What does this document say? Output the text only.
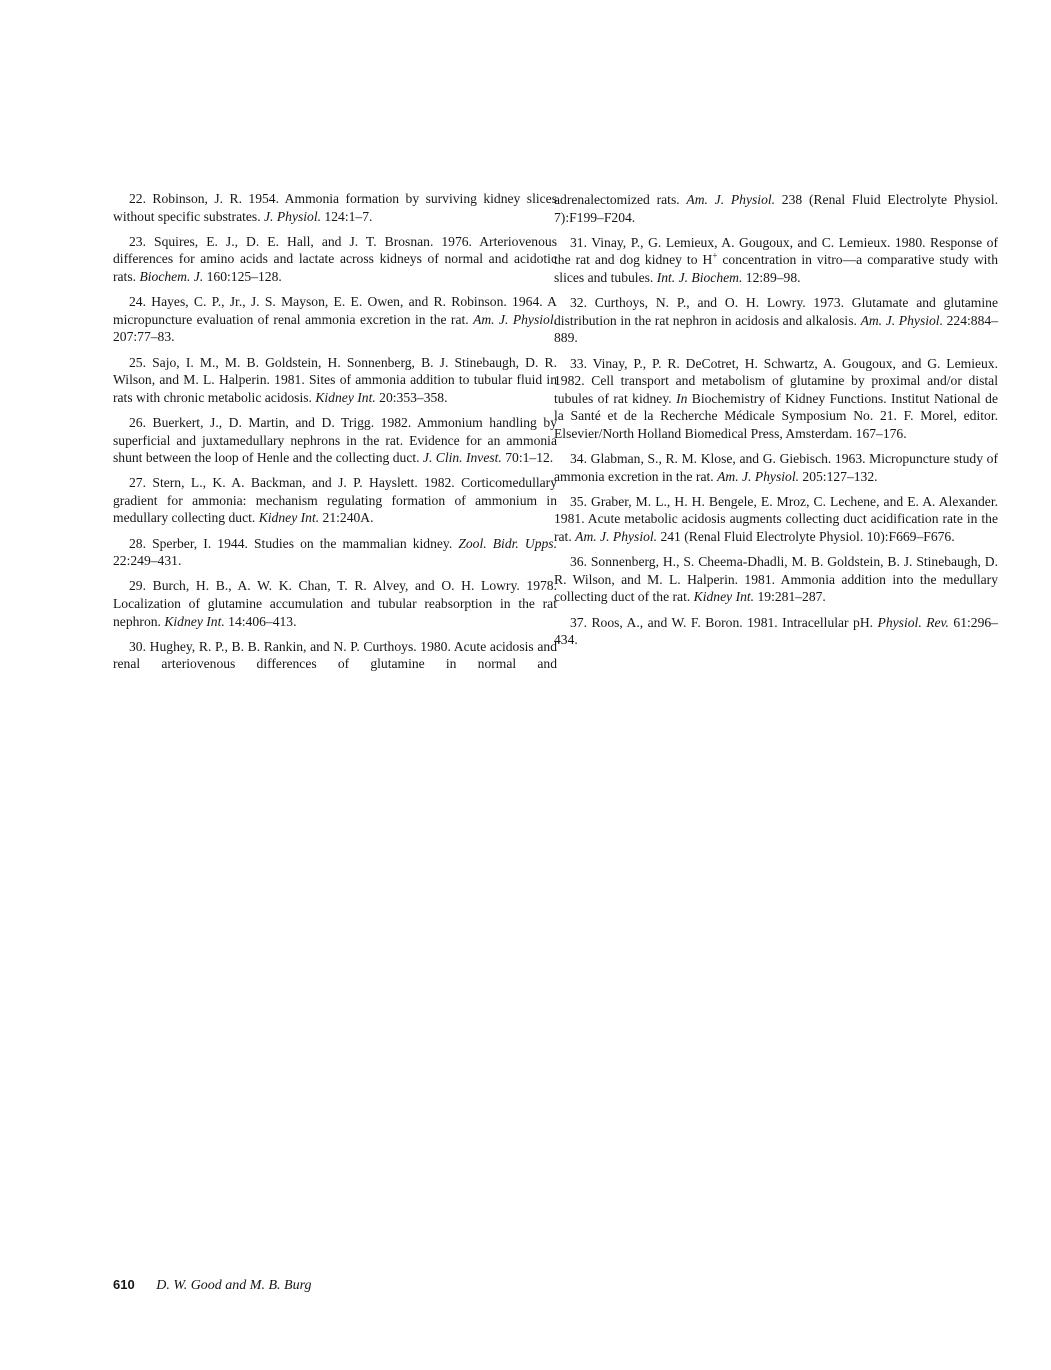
22. Robinson, J. R. 1954. Ammonia formation by surviving kidney slices without specific substrates. J. Physiol. 124:1–7.

23. Squires, E. J., D. E. Hall, and J. T. Brosnan. 1976. Arteriovenous differences for amino acids and lactate across kidneys of normal and acidotic rats. Biochem. J. 160:125–128.

24. Hayes, C. P., Jr., J. S. Mayson, E. E. Owen, and R. Robinson. 1964. A micropuncture evaluation of renal ammonia excretion in the rat. Am. J. Physiol. 207:77–83.

25. Sajo, I. M., M. B. Goldstein, H. Sonnenberg, B. J. Stinebaugh, D. R. Wilson, and M. L. Halperin. 1981. Sites of ammonia addition to tubular fluid in rats with chronic metabolic acidosis. Kidney Int. 20:353–358.

26. Buerkert, J., D. Martin, and D. Trigg. 1982. Ammonium handling by superficial and juxtamedullary nephrons in the rat. Evidence for an ammonia shunt between the loop of Henle and the collecting duct. J. Clin. Invest. 70:1–12.

27. Stern, L., K. A. Backman, and J. P. Hayslett. 1982. Corticomedullary gradient for ammonia: mechanism regulating formation of ammonium in medullary collecting duct. Kidney Int. 21:240A.

28. Sperber, I. 1944. Studies on the mammalian kidney. Zool. Bidr. Upps. 22:249–431.

29. Burch, H. B., A. W. K. Chan, T. R. Alvey, and O. H. Lowry. 1978. Localization of glutamine accumulation and tubular reabsorption in the rat nephron. Kidney Int. 14:406–413.

30. Hughey, R. P., B. B. Rankin, and N. P. Curthoys. 1980. Acute acidosis and renal arteriovenous differences of glutamine in normal and

adrenalectomized rats. Am. J. Physiol. 238 (Renal Fluid Electrolyte Physiol. 7):F199–F204.

31. Vinay, P., G. Lemieux, A. Gougoux, and C. Lemieux. 1980. Response of the rat and dog kidney to H+ concentration in vitro—a comparative study with slices and tubules. Int. J. Biochem. 12:89–98.

32. Curthoys, N. P., and O. H. Lowry. 1973. Glutamate and glutamine distribution in the rat nephron in acidosis and alkalosis. Am. J. Physiol. 224:884–889.

33. Vinay, P., P. R. DeCotret, H. Schwartz, A. Gougoux, and G. Lemieux. 1982. Cell transport and metabolism of glutamine by proximal and/or distal tubules of rat kidney. In Biochemistry of Kidney Functions. Institut National de la Santé et de la Recherche Médicale Symposium No. 21. F. Morel, editor. Elsevier/North Holland Biomedical Press, Amsterdam. 167–176.

34. Glabman, S., R. M. Klose, and G. Giebisch. 1963. Micropuncture study of ammonia excretion in the rat. Am. J. Physiol. 205:127–132.

35. Graber, M. L., H. H. Bengele, E. Mroz, C. Lechene, and E. A. Alexander. 1981. Acute metabolic acidosis augments collecting duct acidification rate in the rat. Am. J. Physiol. 241 (Renal Fluid Electrolyte Physiol. 10):F669–F676.

36. Sonnenberg, H., S. Cheema-Dhadli, M. B. Goldstein, B. J. Stinebaugh, D. R. Wilson, and M. L. Halperin. 1981. Ammonia addition into the medullary collecting duct of the rat. Kidney Int. 19:281–287.

37. Roos, A., and W. F. Boron. 1981. Intracellular pH. Physiol. Rev. 61:296–434.

610 D. W. Good and M. B. Burg
